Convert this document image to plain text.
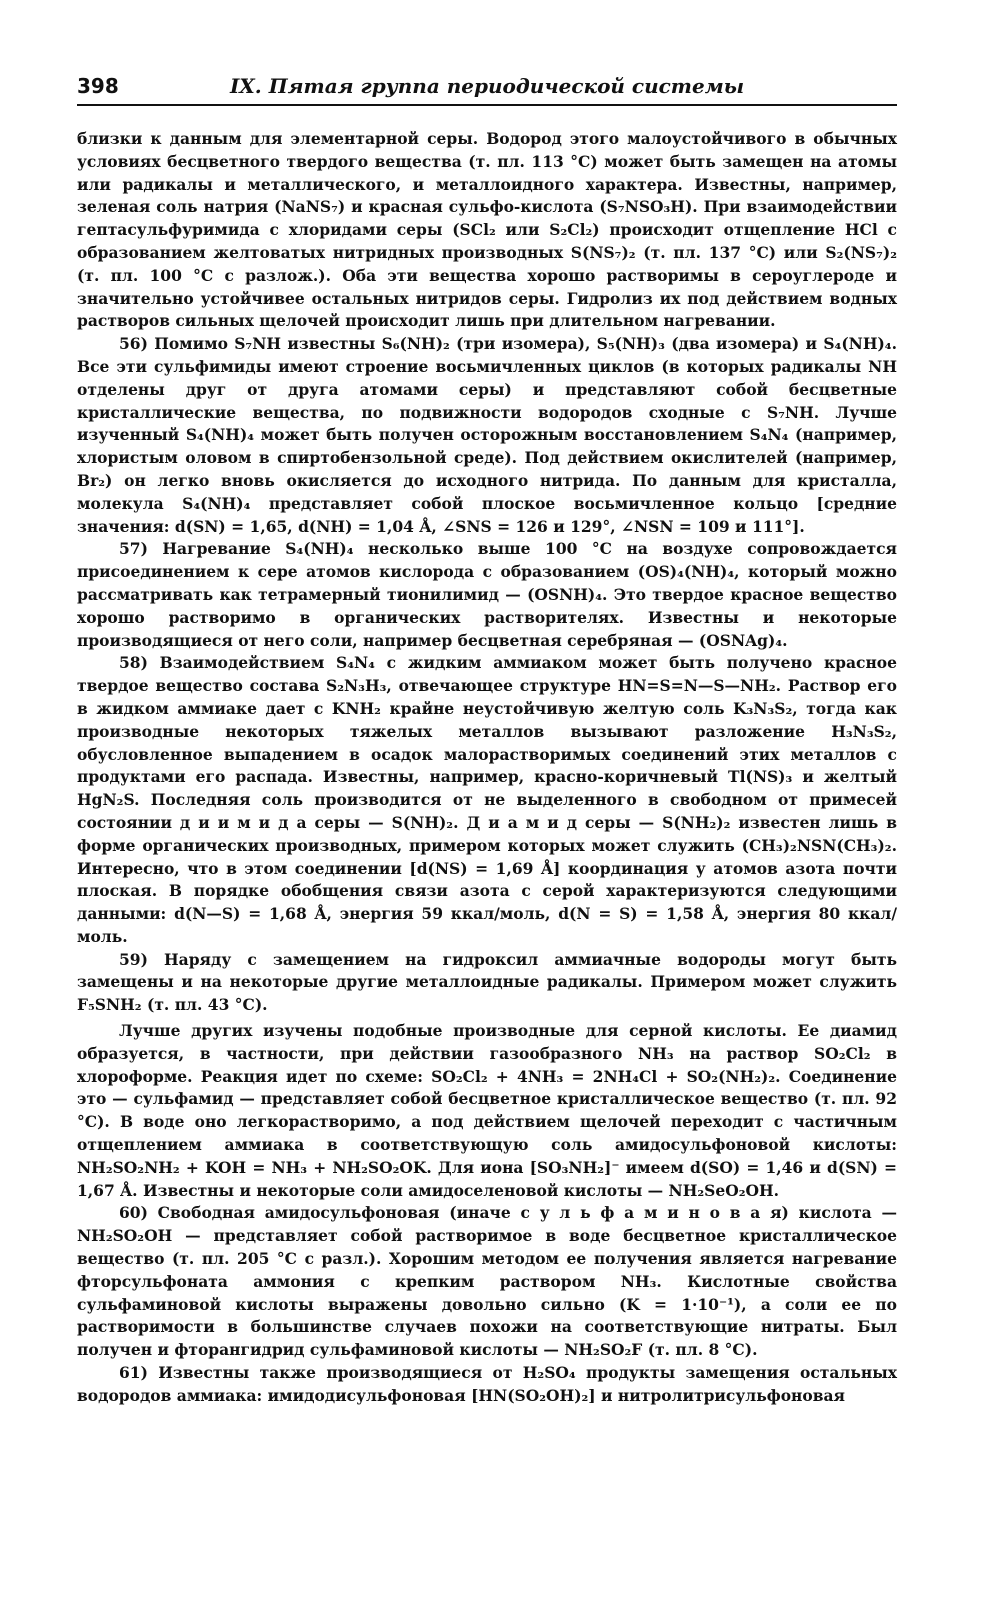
398	IX. Пятая группа периодической системы

близки к данным для элементарной серы. Водород этого малоустойчивого в обычных условиях бесцветного твердого вещества (т. пл. 113 °С) может быть замещен на атомы или радикалы и металлического, и металлоидного характера. Известны, например, зеленая соль натрия (NaNS₇) и красная сульфо-кислота (S₇NSO₃H). При взаимодействии гептасульфуримида с хлоридами серы (SCl₂ или S₂Cl₂) происходит отщепление HCl с образованием желтоватых нитридных производных S(NS₇)₂ (т. пл. 137 °С) или S₂(NS₇)₂ (т. пл. 100 °С с разлож.). Оба эти вещества хорошо растворимы в сероуглероде и значительно устойчивее остальных нитридов серы. Гидролиз их под действием водных растворов сильных щелочей происходит лишь при длительном нагревании.

56) Помимо S₇NH известны S₆(NH)₂ (три изомера), S₅(NH)₃ (два изомера) и S₄(NH)₄. Все эти сульфимиды имеют строение восьмичленных циклов (в которых радикалы NH отделены друг от друга атомами серы) и представляют собой бесцветные кристаллические вещества, по подвижности водородов сходные с S₇NH. Лучше изученный S₄(NH)₄ может быть получен осторожным восстановлением S₄N₄ (например, хлористым оловом в спиртобензольной среде). Под действием окислителей (например, Br₂) он легко вновь окисляется до исходного нитрида. По данным для кристалла, молекула S₄(NH)₄ представляет собой плоское восьмичленное кольцо [средние значения: d(SN) = 1,65, d(NH) = 1,04 Å, ∠SNS = 126 и 129°, ∠NSN = 109 и 111°].

57) Нагревание S₄(NH)₄ несколько выше 100 °С на воздухе сопровождается присоединением к сере атомов кислорода с образованием (OS)₄(NH)₄, который можно рассматривать как тетрамерный тионилимид — (OSNH)₄. Это твердое красное вещество хорошо растворимо в органических растворителях. Известны и некоторые производящиеся от него соли, например бесцветная серебряная — (OSNAg)₄.

58) Взаимодействием S₄N₄ с жидким аммиаком может быть получено красное твердое вещество состава S₂N₃H₃, отвечающее структуре HN=S=N—S—NH₂. Раствор его в жидком аммиаке дает с KNH₂ крайне неустойчивую желтую соль K₃N₃S₂, тогда как производные некоторых тяжелых металлов вызывают разложение H₃N₃S₂, обусловленное выпадением в осадок малорастворимых соединений этих металлов с продуктами его распада. Известны, например, красно-коричневый Tl(NS)₃ и желтый HgN₂S. Последняя соль производится от не выделенного в свободном от примесей состоянии д и и м и д а серы — S(NH)₂. Д и а м и д серы — S(NH₂)₂ известен лишь в форме органических производных, примером которых может служить (CH₃)₂NSN(CH₃)₂. Интересно, что в этом соединении [d(NS) = 1,69 Å] координация у атомов азота почти плоская. В порядке обобщения связи азота с серой характеризуются следующими данными: d(N—S) = 1,68 Å, энергия 59 ккал/моль, d(N = S) = 1,58 Å, энергия 80 ккал/моль.

59) Наряду с замещением на гидроксил аммиачные водороды могут быть замещены и на некоторые другие металлоидные радикалы. Примером может служить F₅SNH₂ (т. пл. 43 °С).

Лучше других изучены подобные производные для серной кислоты. Ее диамид образуется, в частности, при действии газообразного NH₃ на раствор SO₂Cl₂ в хлороформе. Реакция идет по схеме: SO₂Cl₂ + 4NH₃ = 2NH₄Cl + SO₂(NH₂)₂. Соединение это — сульфамид — представляет собой бесцветное кристаллическое вещество (т. пл. 92 °С). В воде оно легкорастворимо, а под действием щелочей переходит с частичным отщеплением аммиака в соответствующую соль амидосульфоновой кислоты: NH₂SO₂NH₂ + KOH = NH₃ + NH₂SO₂OK. Для иона [SO₃NH₂]⁻ имеем d(SO) = 1,46 и d(SN) = 1,67 Å. Известны и некоторые соли амидоселеновой кислоты — NH₂SeO₂OH.

60) Свободная амидосульфоновая (иначе с у л ь ф а м и н о в а я) кислота — NH₂SO₂OH — представляет собой растворимое в воде бесцветное кристаллическое вещество (т. пл. 205 °С с разл.). Хорошим методом ее получения является нагревание фторсульфоната аммония с крепким раствором NH₃. Кислотные свойства сульфаминовой кислоты выражены довольно сильно (K = 1·10⁻¹), а соли ее по растворимости в большинстве случаев похожи на соответствующие нитраты. Был получен и фторангидрид сульфаминовой кислоты — NH₂SO₂F (т. пл. 8 °С).

61) Известны также производящиеся от H₂SO₄ продукты замещения остальных водородов аммиака: имидодисульфоновая [HN(SO₂OH)₂] и нитролитрисульфоновая
